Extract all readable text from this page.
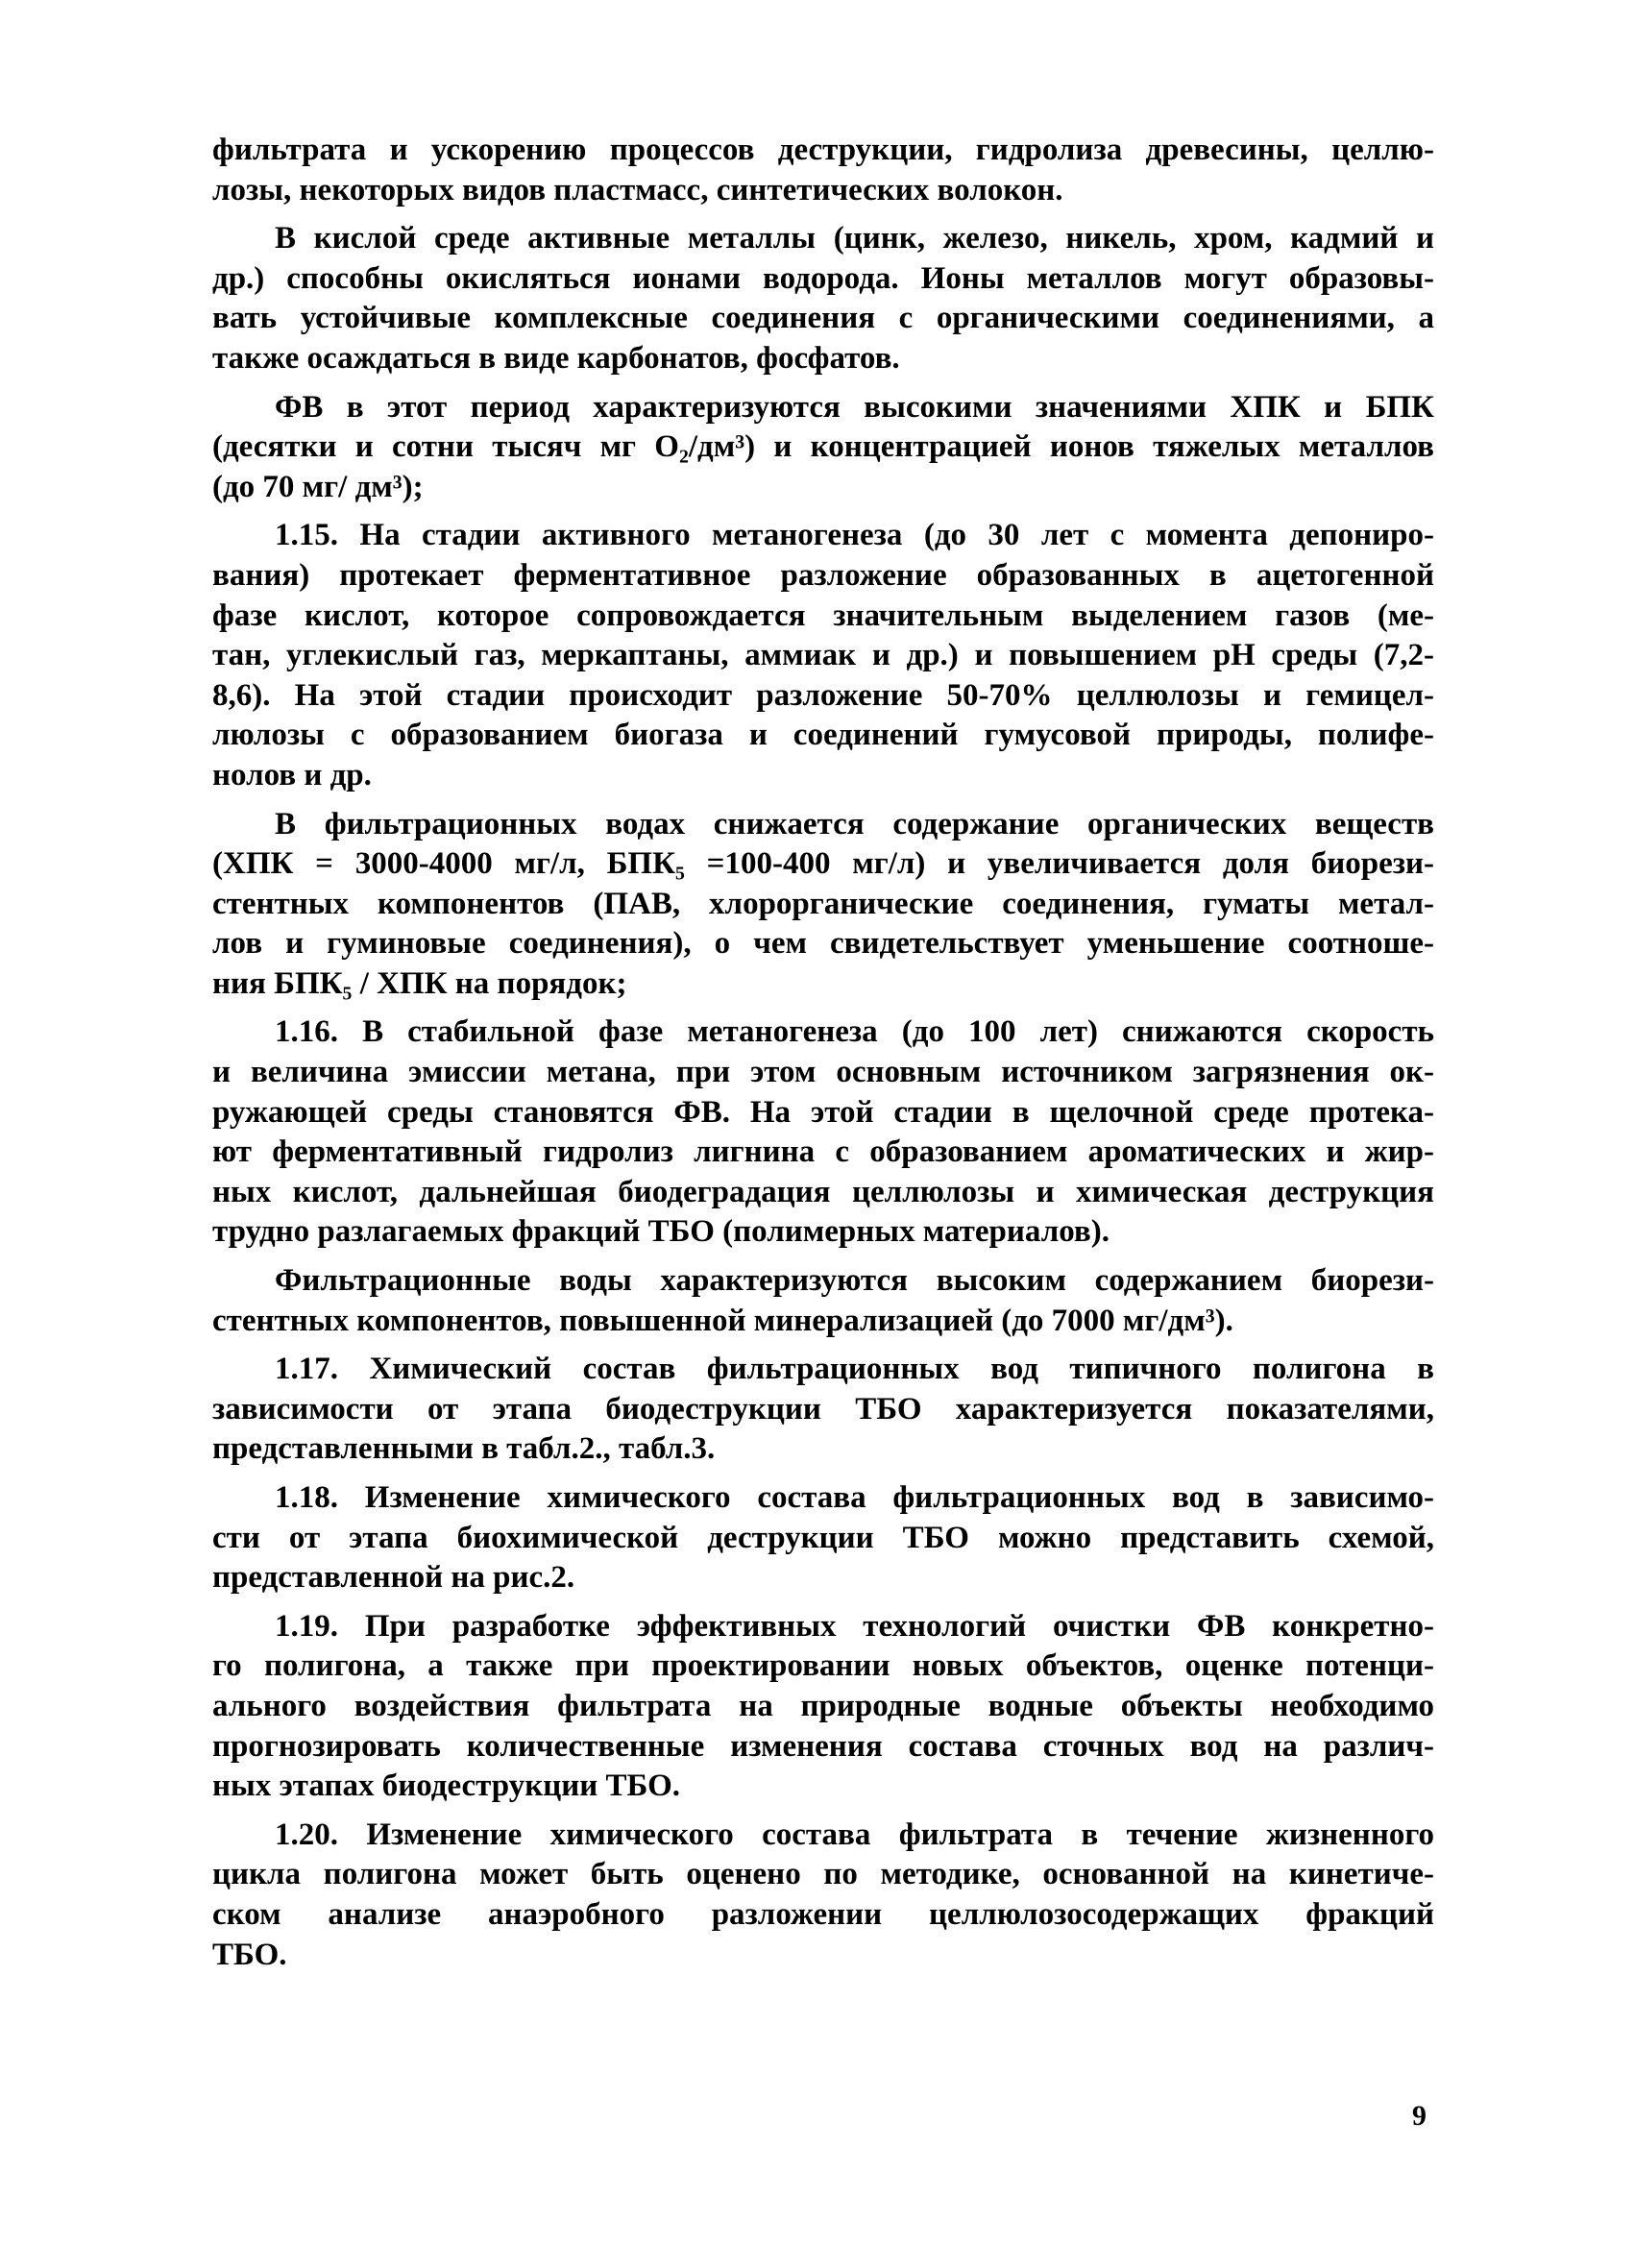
фильтрата и ускорению процессов деструкции, гидролиза древесины, целлю-
лозы, некоторых видов пластмасс, синтетических волокон.
В кислой среде активные металлы (цинк, железо, никель, хром, кадмий и
др.) способны окисляться ионами водорода. Ионы металлов могут образовы-
вать устойчивые комплексные соединения с органическими соединениями, а
также осаждаться в виде карбонатов, фосфатов.
ФВ в этот период характеризуются высокими значениями ХПК и БПК
(десятки и сотни тысяч мг O₂/дм³) и концентрацией ионов тяжелых металлов
(до 70 мг/ дм³);
1.15. На стадии активного метаногенеза (до 30 лет с момента депониро-
вания) протекает ферментативное разложение образованных в ацетогенной
фазе кислот, которое сопровождается значительным выделением газов (ме-
тан, углекислый газ, меркаптаны, аммиак и др.) и повышением pH среды (7,2-
8,6). На этой стадии происходит разложение 50-70% целлюлозы и гемицел-
люлозы с образованием биогаза и соединений гумусовой природы, полифе-
нолов и др.
В фильтрационных водах снижается содержание органических веществ
(ХПК = 3000-4000 мг/л, БПК₅ =100-400 мг/л) и увеличивается доля биорези-
стентных компонентов (ПАВ, хлорорганические соединения, гуматы метал-
лов и гуминовые соединения), о чем свидетельствует уменьшение соотноше-
ния БПК₅ / ХПК на порядок;
1.16. В стабильной фазе метаногенеза (до 100 лет) снижаются скорость
и величина эмиссии метана, при этом основным источником загрязнения ок-
ружающей среды становятся ФВ. На этой стадии в щелочной среде протека-
ют ферментативный гидролиз лигнина с образованием ароматических и жир-
ных кислот, дальнейшая биодеградация целлюлозы и химическая деструкция
трудно разлагаемых фракций ТБО (полимерных материалов).
Фильтрационные воды характеризуются высоким содержанием биорези-
стентных компонентов, повышенной минерализацией (до 7000 мг/дм³).
1.17. Химический состав фильтрационных вод типичного полигона в
зависимости от этапа биодеструкции ТБО характеризуется показателями,
представленными в табл.2., табл.3.
1.18. Изменение химического состава фильтрационных вод в зависимо-
сти от этапа биохимической деструкции ТБО можно представить схемой,
представленной на рис.2.
1.19. При разработке эффективных технологий очистки ФВ конкретно-
го полигона, а также при проектировании новых объектов, оценке потенци-
ального воздействия фильтрата на природные водные объекты необходимо
прогнозировать количественные изменения состава сточных вод на различ-
ных этапах биодеструкции ТБО.
1.20. Изменение химического состава фильтрата в течение жизненного
цикла полигона может быть оценено по методике, основанной на кинетиче-
ском анализе анаэробного разложении целлюлозосодержащих фракций
ТБО.
9
